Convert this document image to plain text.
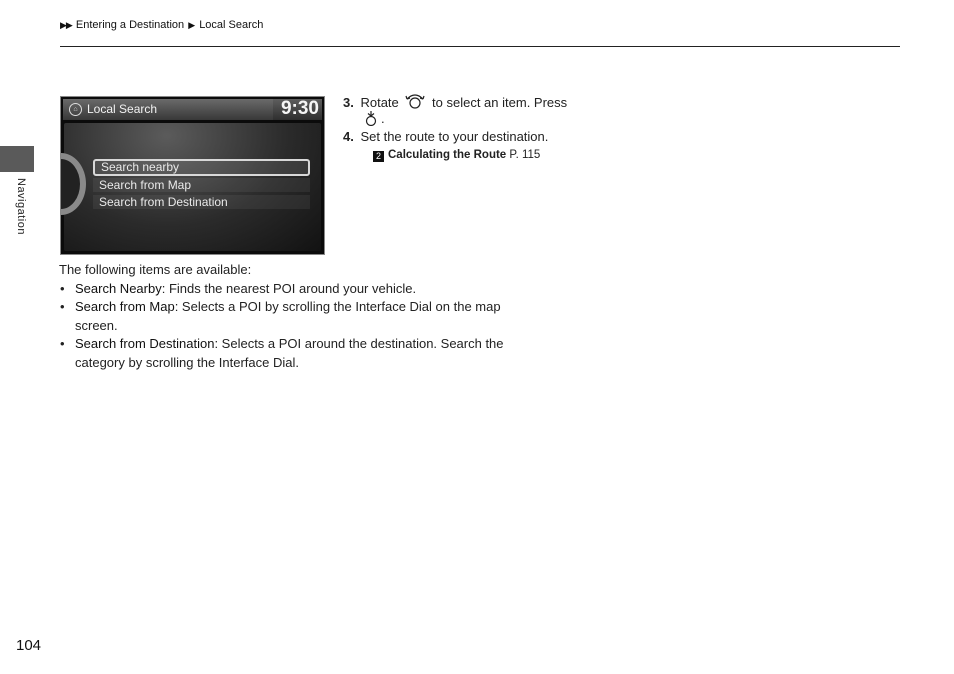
▶▶ Entering a Destination ▶ Local Search
Navigation
⌂ Local Search	9:30
Search nearby
Search from Map
Search from Destination
3. Rotate	to select an item. Press
.
4. Set the route to your destination.
2 Calculating the Route P. 115
The following items are available:
• Search Nearby: Finds the nearest POI around your vehicle.
• Search from Map: Selects a POI by scrolling the Interface Dial on the map
screen.
• Search from Destination: Selects a POI around the destination. Search the
category by scrolling the Interface Dial.
104
